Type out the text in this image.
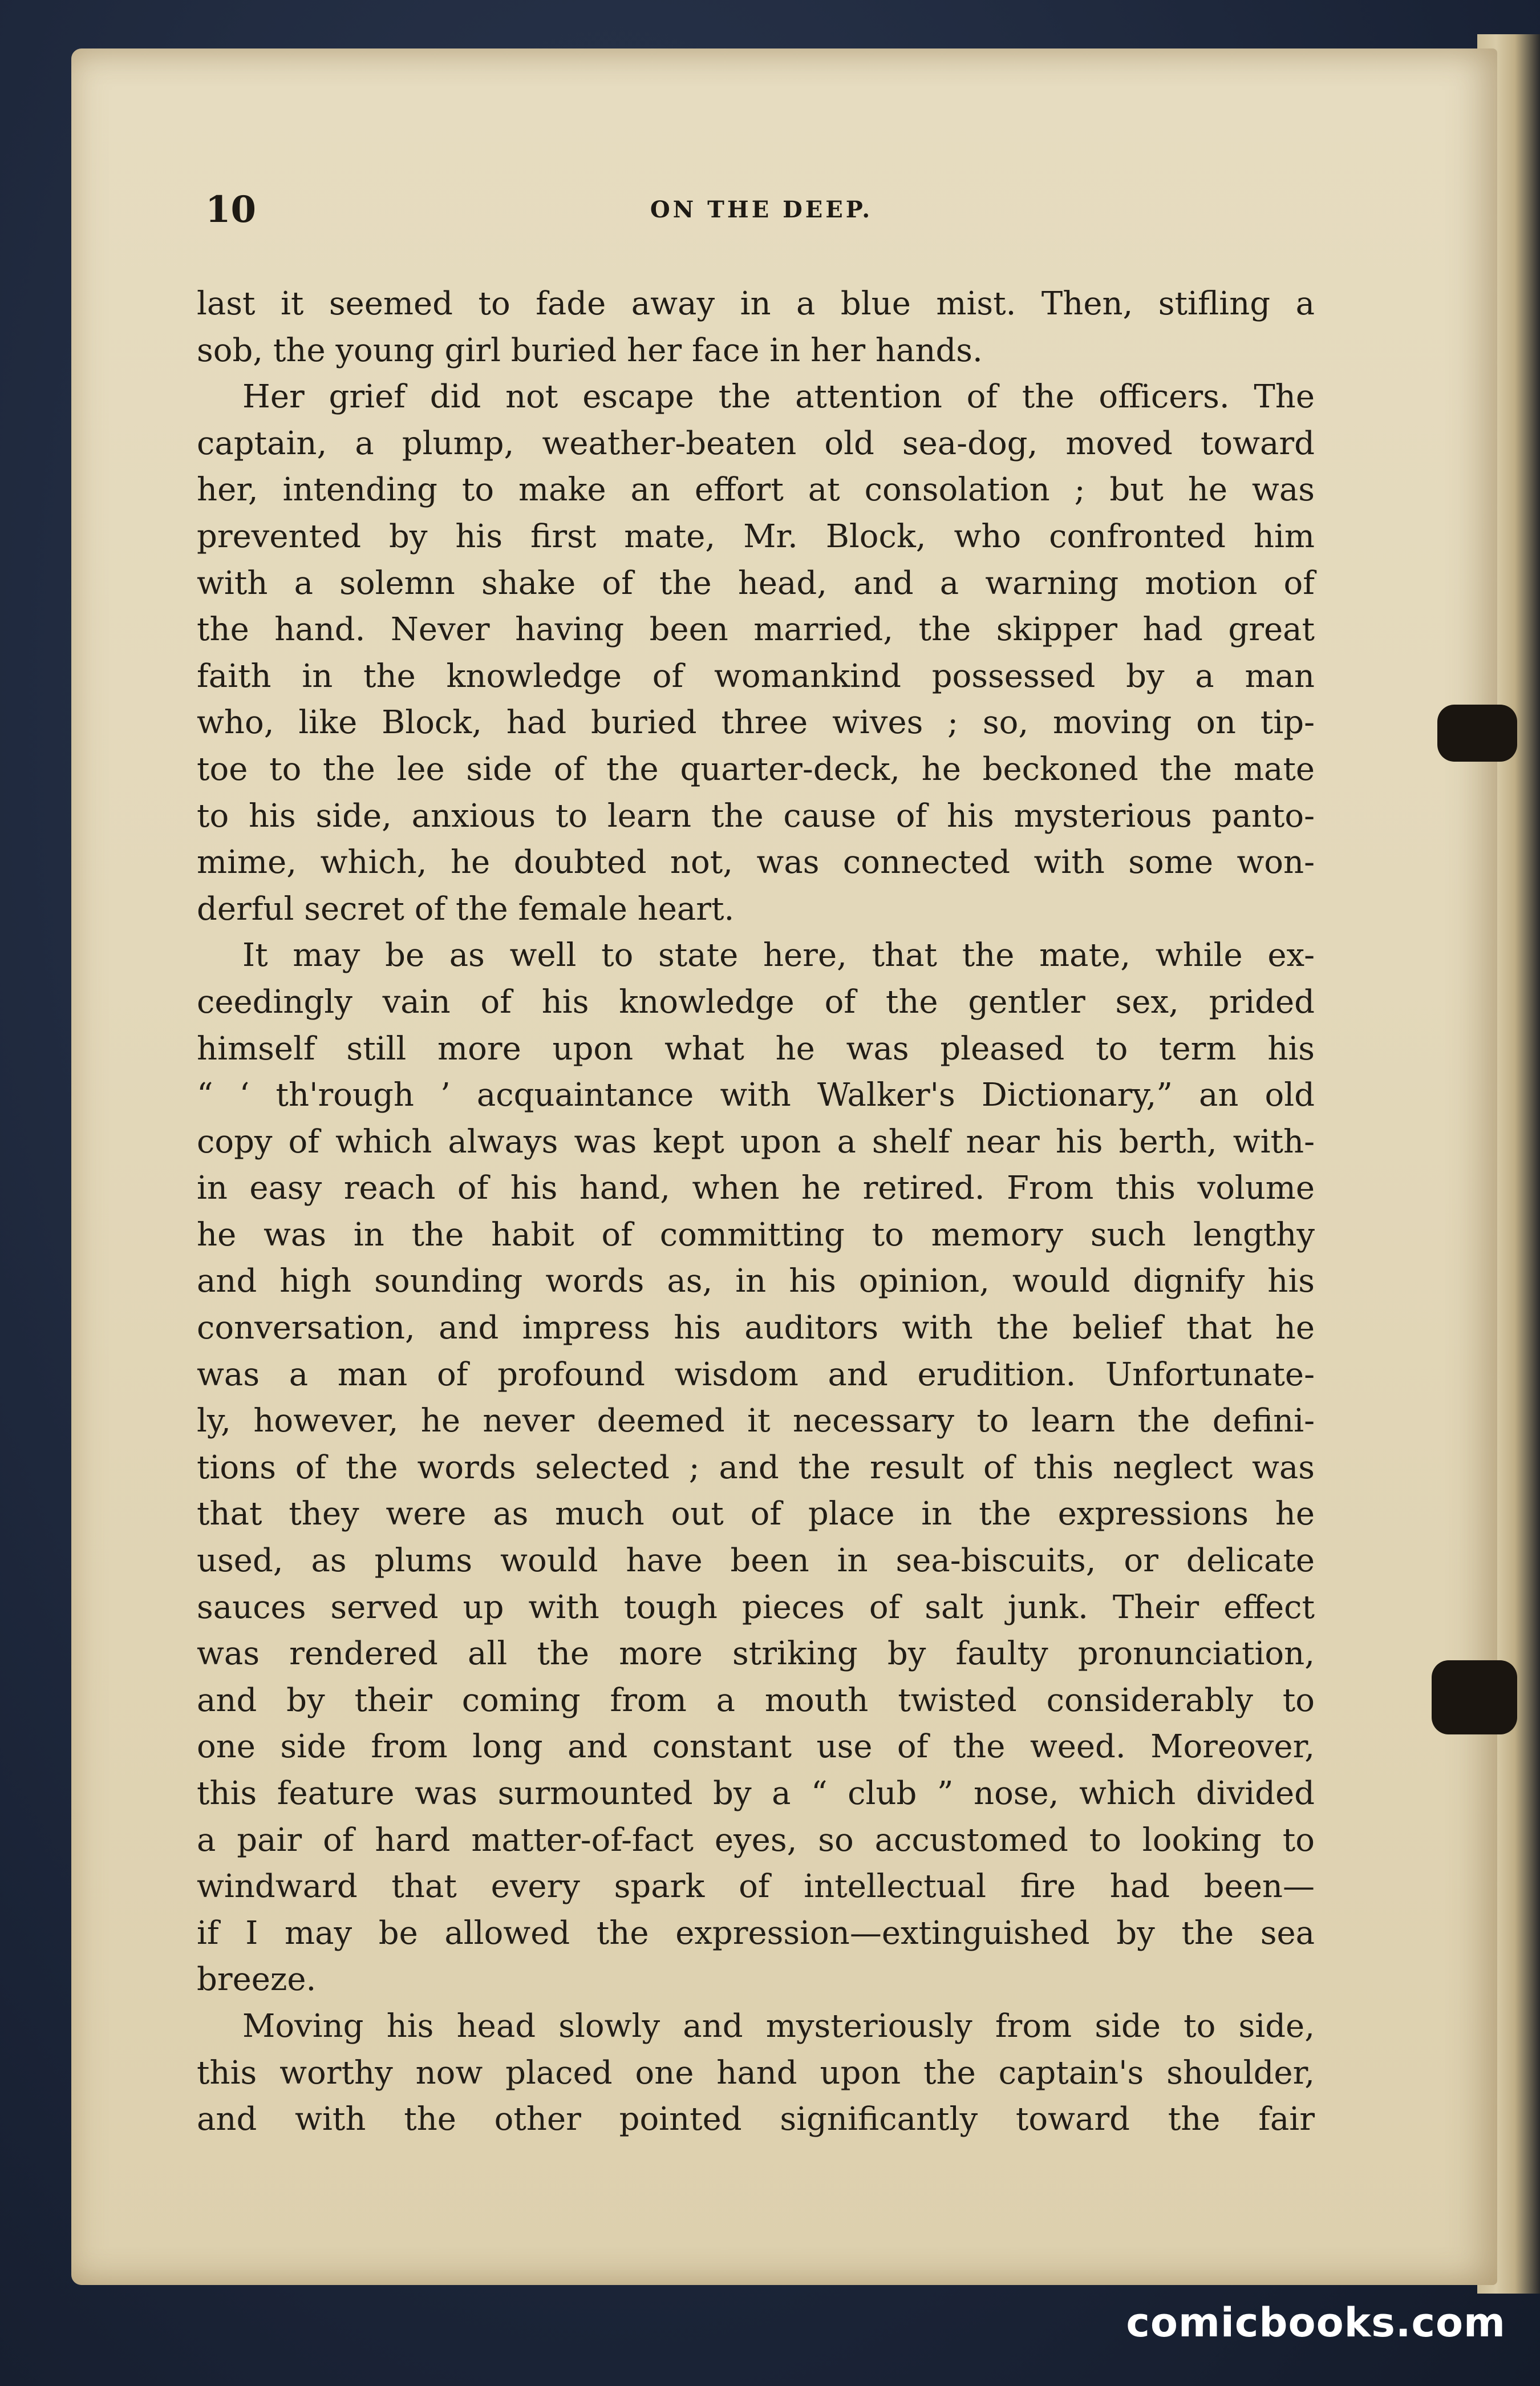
10	ON THE DEEP.
last it seemed to fade away in a blue mist. Then, stifling a
sob, the young girl buried her face in her hands.
Her grief did not escape the attention of the officers. The
captain, a plump, weather-beaten old sea-dog, moved toward
her, intending to make an effort at consolation ; but he was
prevented by his first mate, Mr. Block, who confronted him
with a solemn shake of the head, and a warning motion of
the hand. Never having been married, the skipper had great
faith in the knowledge of womankind possessed by a man
who, like Block, had buried three wives ; so, moving on tip-
toe to the lee side of the quarter-deck, he beckoned the mate
to his side, anxious to learn the cause of his mysterious panto-
mime, which, he doubted not, was connected with some won-
derful secret of the female heart.
It may be as well to state here, that the mate, while ex-
ceedingly vain of his knowledge of the gentler sex, prided
himself still more upon what he was pleased to term his
“ ‘ th'rough ’ acquaintance with Walker's Dictionary,” an old
copy of which always was kept upon a shelf near his berth, with-
in easy reach of his hand, when he retired. From this volume
he was in the habit of committing to memory such lengthy
and high sounding words as, in his opinion, would dignify his
conversation, and impress his auditors with the belief that he
was a man of profound wisdom and erudition. Unfortunate-
ly, however, he never deemed it necessary to learn the defini-
tions of the words selected ; and the result of this neglect was
that they were as much out of place in the expressions he
used, as plums would have been in sea-biscuits, or delicate
sauces served up with tough pieces of salt junk. Their effect
was rendered all the more striking by faulty pronunciation,
and by their coming from a mouth twisted considerably to
one side from long and constant use of the weed. Moreover,
this feature was surmounted by a “ club ” nose, which divided
a pair of hard matter-of-fact eyes, so accustomed to looking to
windward that every spark of intellectual fire had been—
if I may be allowed the expression—extinguished by the sea
breeze.
Moving his head slowly and mysteriously from side to side,
this worthy now placed one hand upon the captain's shoulder,
and with the other pointed significantly toward the fair
comicbooks.com
